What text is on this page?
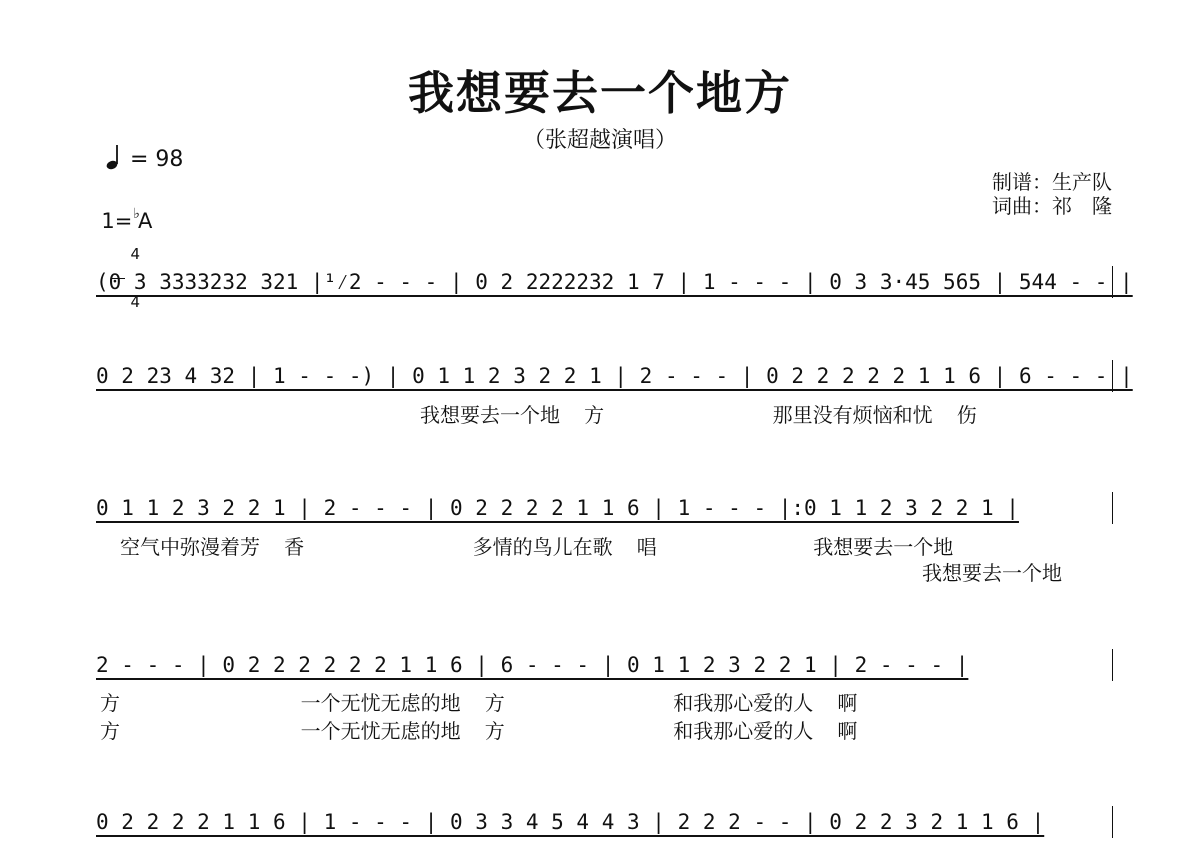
我想要去一个地方
（张超越演唱）

= 98

1=♭A

$\frac{4}{4}$

制谱：生产队
词曲：祁　隆
(0 3 3333232 321 |¹⁄2 - - - | 0 2 2222232 1 7 | 1 - - - | 0 3 3·45 565 | 544 - - |
0 2 23 4 32 | 1 - - -) | 0 1 1 2 3 2 2 1 | 2 - - - | 0 2 2 2 2 2 1 1 6 | 6 - - - |
我想要去一个地  方              那里没有烦恼和忧  伤
0 1 1 2 3 2 2 1 | 2 - - - | 0 2 2 2 2 1 1 6 | 1 - - - |:0 1 1 2 3 2 2 1 |
空气中弥漫着芳  香              多情的鸟儿在歌  唱             我想要去一个地
我想要去一个地
2 - - - | 0 2 2 2 2 2 2 1 1 6 | 6 - - - | 0 1 1 2 3 2 2 1 | 2 - - - |
方               一个无忧无虑的地  方              和我那心爱的人  啊
方               一个无忧无虑的地  方              和我那心爱的人  啊
0 2 2 2 2 1 1 6 | 1 - - - | 0 3 3 4 5 4 4 3 | 2 2 2 - - | 0 2 2 3 2 1 1 6 |
